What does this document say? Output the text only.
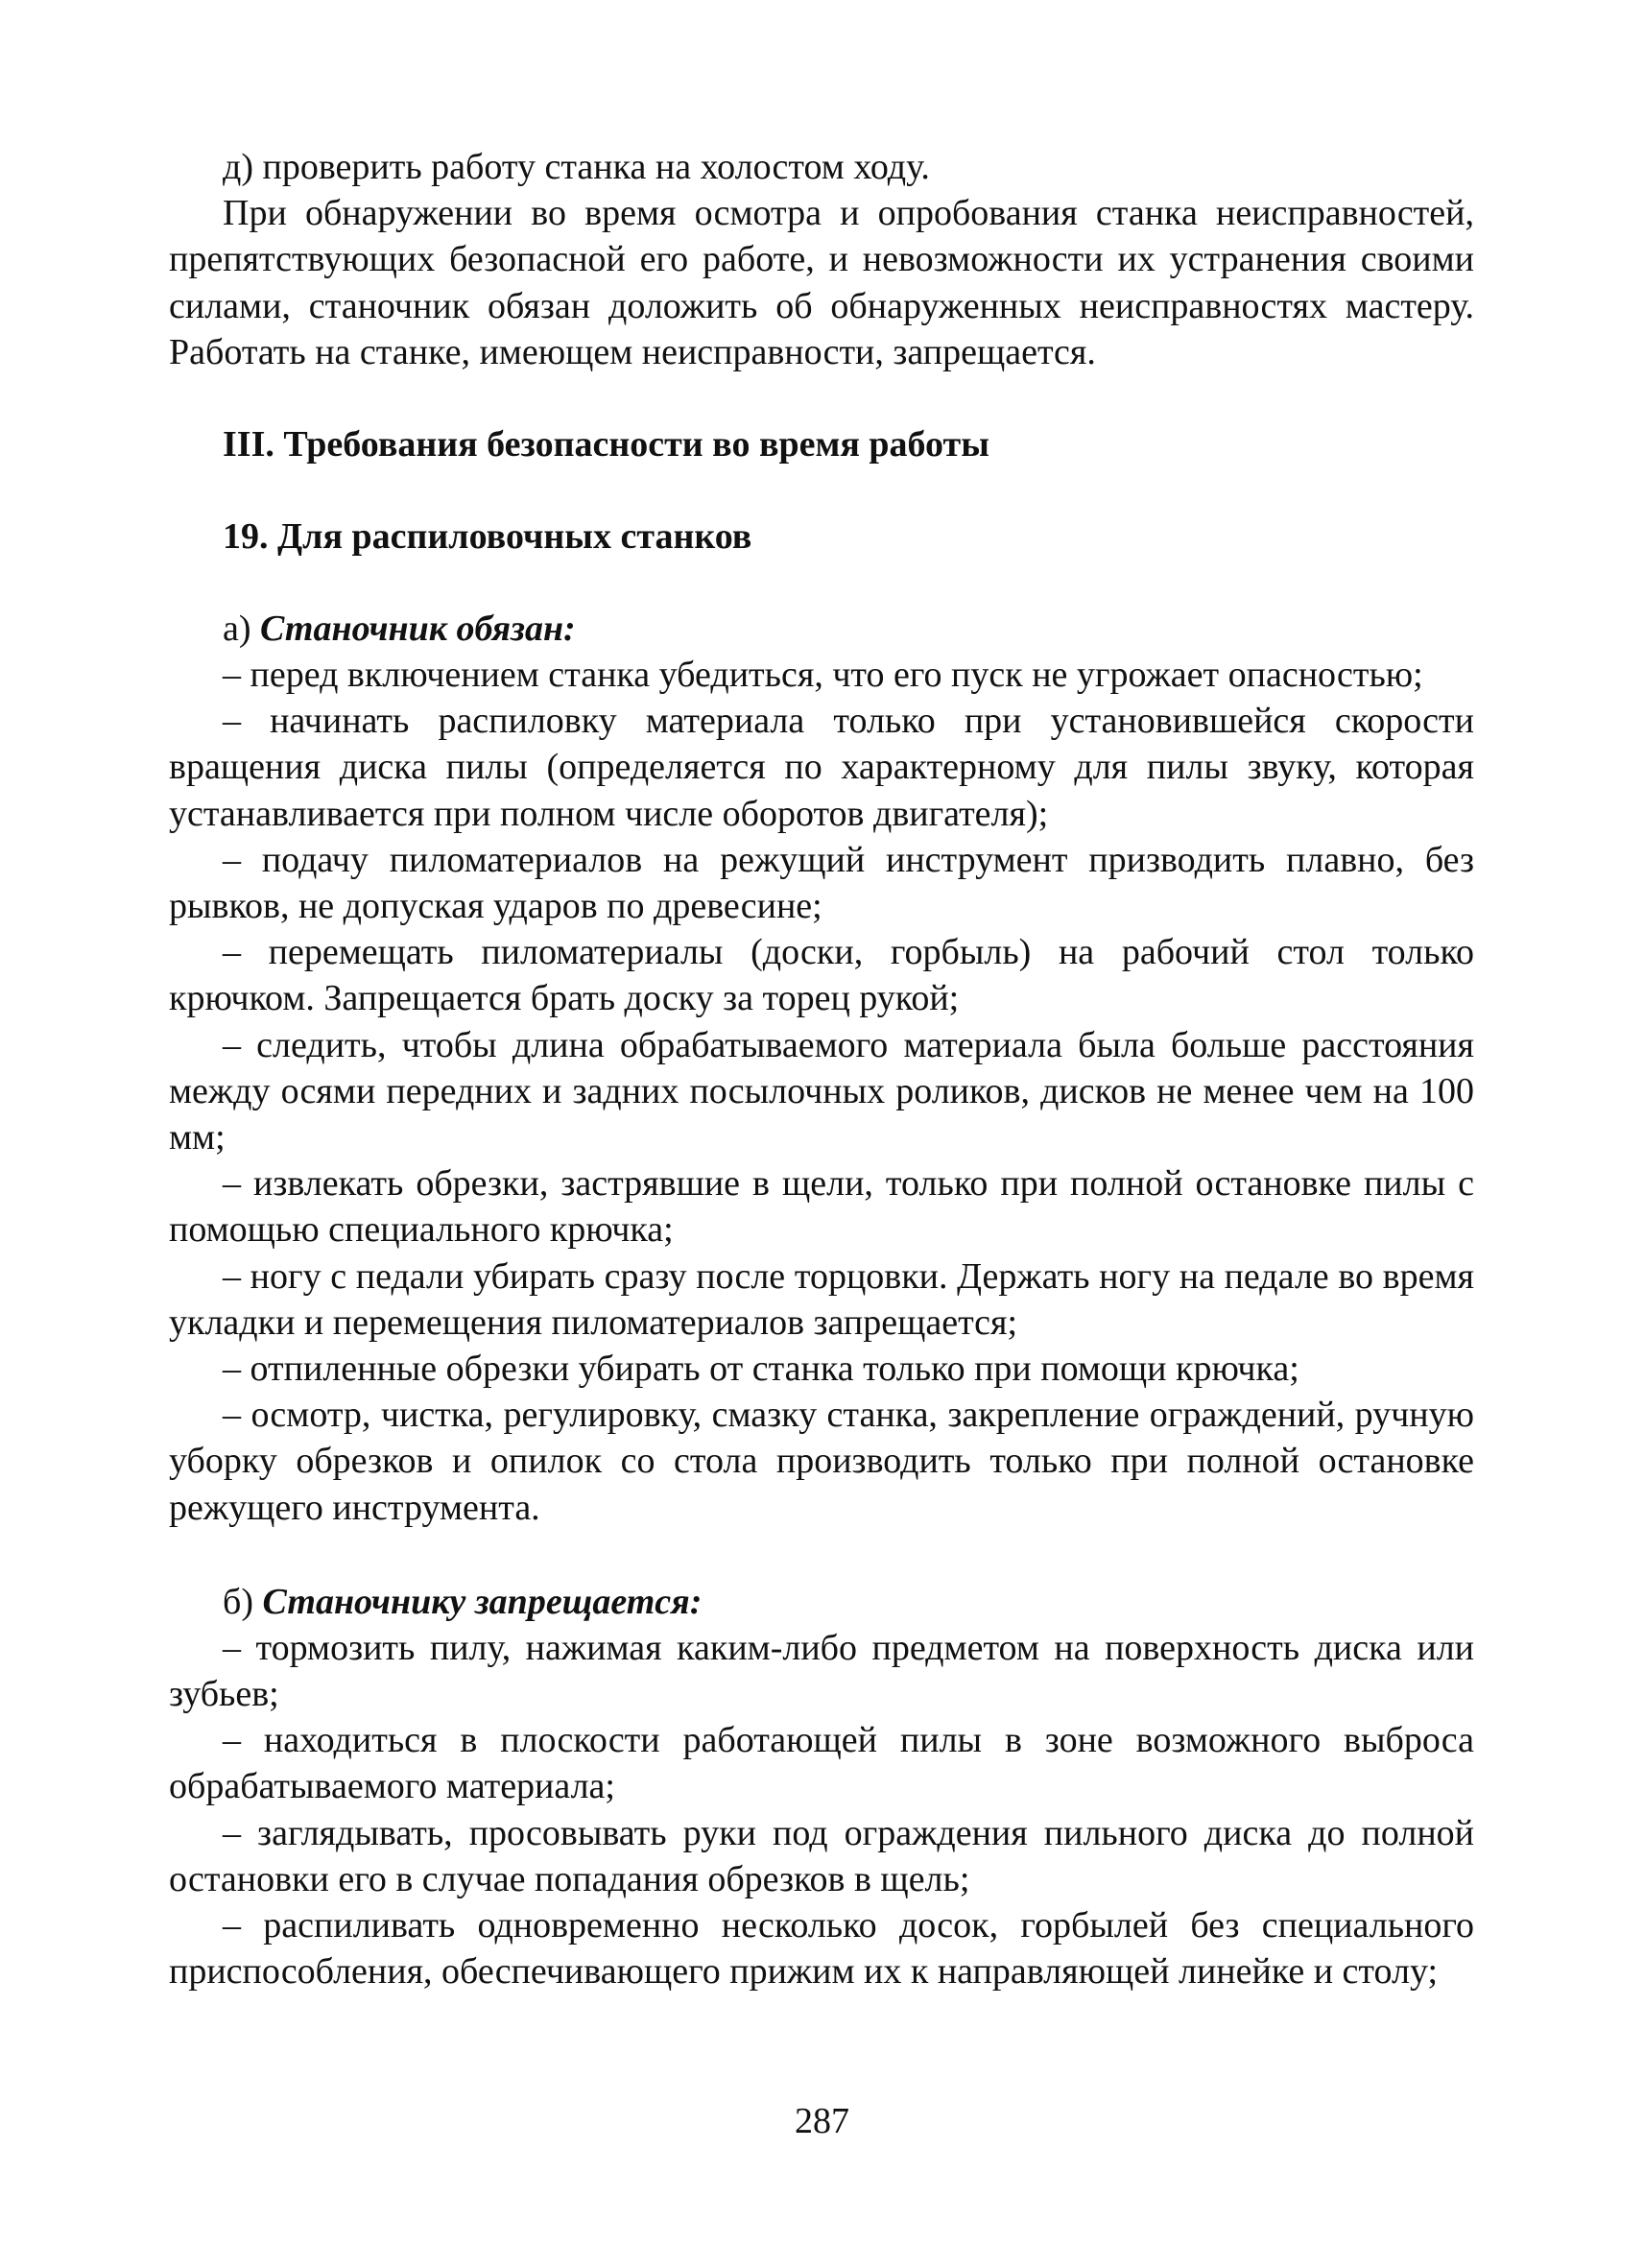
д) проверить работу станка на холостом ходу.

При обнаружении во время осмотра и опробования станка неисправностей, препятствующих безопасной его работе, и невозможности их устранения своими силами, станочник обязан доложить об обнаруженных неисправностях мастеру. Работать на станке, имеющем неисправности, запрещается.

III. Требования безопасности во время работы
19. Для распиловочных станков
а) Станочник обязан:

– перед включением станка убедиться, что его пуск не угрожает опасностью;

– начинать распиловку материала только при установившейся скорости вращения диска пилы (определяется по характерному для пилы звуку, которая устанавливается при полном числе оборотов двигателя);

– подачу пиломатериалов на режущий инструмент призводить плавно, без рывков, не допуская ударов по древесине;

– перемещать пиломатериалы (доски, горбыль) на рабочий стол только крючком. Запрещается брать доску за торец рукой;

– следить, чтобы длина обрабатываемого материала была больше расстояния между осями передних и задних посылочных роликов, дисков не менее чем на 100 мм;

– извлекать обрезки, застрявшие в щели, только при полной остановке пилы с помощью специального крючка;

– ногу с педали убирать сразу после торцовки. Держать ногу на педале во время укладки и перемещения пиломатериалов запрещается;

– отпиленные обрезки убирать от станка только при помощи крючка;

– осмотр, чистка, регулировку, смазку станка, закрепление ограждений, ручную уборку обрезков и опилок со стола производить только при полной остановке режущего инструмента.

б) Станочнику запрещается:

– тормозить пилу, нажимая каким-либо предметом на поверхность диска или зубьев;

– находиться в плоскости работающей пилы в зоне возможного выброса обрабатываемого материала;

– заглядывать, просовывать руки под ограждения пильного диска до полной остановки его в случае попадания обрезков в щель;

– распиливать одновременно несколько досок, горбылей без специального приспособления, обеспечивающего прижим их к направляющей линейке и столу;

287
